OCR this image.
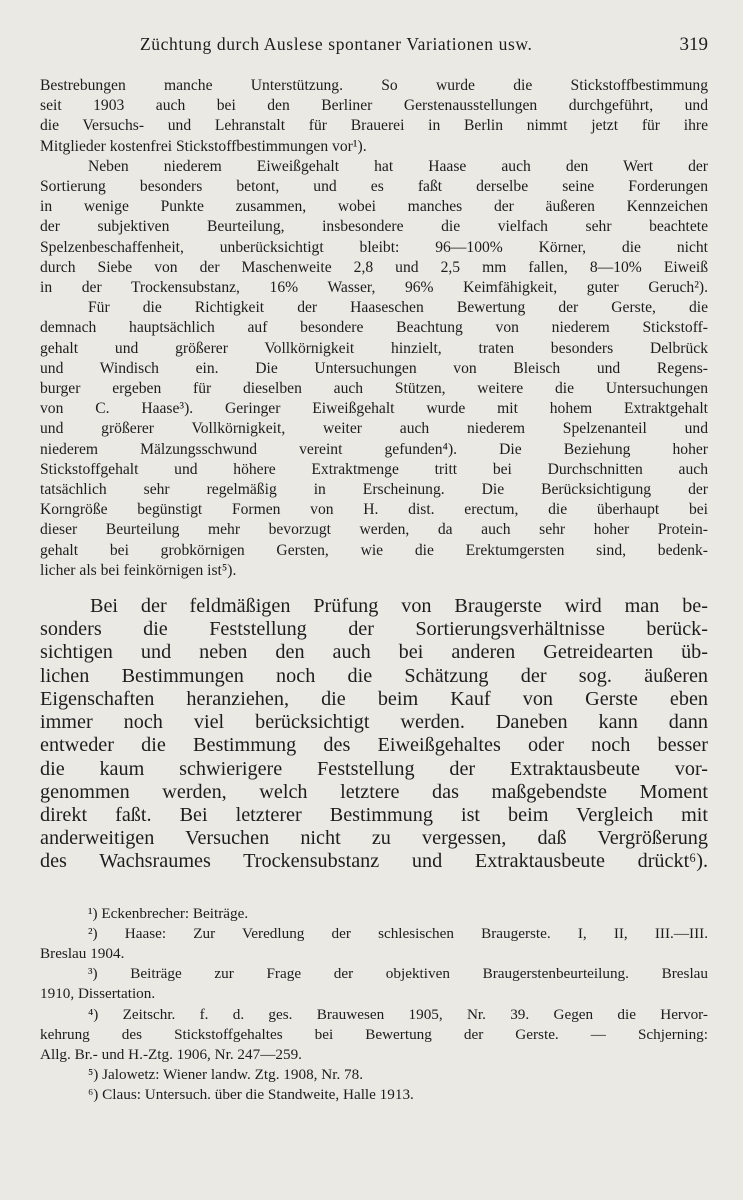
Züchtung durch Auslese spontaner Variationen usw.	319

Bestrebungen manche Unterstützung. So wurde die Stickstoffbestimmung
seit 1903 auch bei den Berliner Gerstenausstellungen durchgeführt, und
die Versuchs- und Lehranstalt für Brauerei in Berlin nimmt jetzt für ihre
Mitglieder kostenfrei Stickstoffbestimmungen vor¹).

Neben niederem Eiweißgehalt hat Haase auch den Wert der
Sortierung besonders betont, und es faßt derselbe seine Forderungen
in wenige Punkte zusammen, wobei manches der äußeren Kennzeichen
der subjektiven Beurteilung, insbesondere die vielfach sehr beachtete
Spelzenbeschaffenheit, unberücksichtigt bleibt: 96—100% Körner, die nicht
durch Siebe von der Maschenweite 2,8 und 2,5 mm fallen, 8—10% Eiweiß
in der Trockensubstanz, 16% Wasser, 96% Keimfähigkeit, guter Geruch²).

Für die Richtigkeit der Haaseschen Bewertung der Gerste, die
demnach hauptsächlich auf besondere Beachtung von niederem Stickstoff-
gehalt und größerer Vollkörnigkeit hinzielt, traten besonders Delbrück
und Windisch ein. Die Untersuchungen von Bleisch und Regens-
burger ergeben für dieselben auch Stützen, weitere die Untersuchungen
von C. Haase³). Geringer Eiweißgehalt wurde mit hohem Extraktgehalt
und größerer Vollkörnigkeit, weiter auch niederem Spelzenanteil und
niederem Mälzungsschwund vereint gefunden⁴). Die Beziehung hoher
Stickstoffgehalt und höhere Extraktmenge tritt bei Durchschnitten auch
tatsächlich sehr regelmäßig in Erscheinung. Die Berücksichtigung der
Korngröße begünstigt Formen von H. dist. erectum, die überhaupt bei
dieser Beurteilung mehr bevorzugt werden, da auch sehr hoher Protein-
gehalt bei grobkörnigen Gersten, wie die Erektumgersten sind, bedenk-
licher als bei feinkörnigen ist⁵).

Bei der feldmäßigen Prüfung von Braugerste wird man be-
sonders die Feststellung der Sortierungsverhältnisse berück-
sichtigen und neben den auch bei anderen Getreidearten üb-
lichen Bestimmungen noch die Schätzung der sog. äußeren
Eigenschaften heranziehen, die beim Kauf von Gerste eben
immer noch viel berücksichtigt werden. Daneben kann dann
entweder die Bestimmung des Eiweißgehaltes oder noch besser
die kaum schwierigere Feststellung der Extraktausbeute vor-
genommen werden, welch letztere das maßgebendste Moment
direkt faßt. Bei letzterer Bestimmung ist beim Vergleich mit
anderweitigen Versuchen nicht zu vergessen, daß Vergrößerung
des Wachsraumes Trockensubstanz und Extraktausbeute drückt⁶).

¹) Eckenbrecher: Beiträge.

²) Haase: Zur Veredlung der schlesischen Braugerste. I, II, III.—III.
Breslau 1904.

³) Beiträge zur Frage der objektiven Braugerstenbeurteilung. Breslau
1910, Dissertation.

⁴) Zeitschr. f. d. ges. Brauwesen 1905, Nr. 39. Gegen die Hervor-
kehrung des Stickstoffgehaltes bei Bewertung der Gerste. — Schjerning:
Allg. Br.- und H.-Ztg. 1906, Nr. 247—259.

⁵) Jalowetz: Wiener landw. Ztg. 1908, Nr. 78.

⁶) Claus: Untersuch. über die Standweite, Halle 1913.
